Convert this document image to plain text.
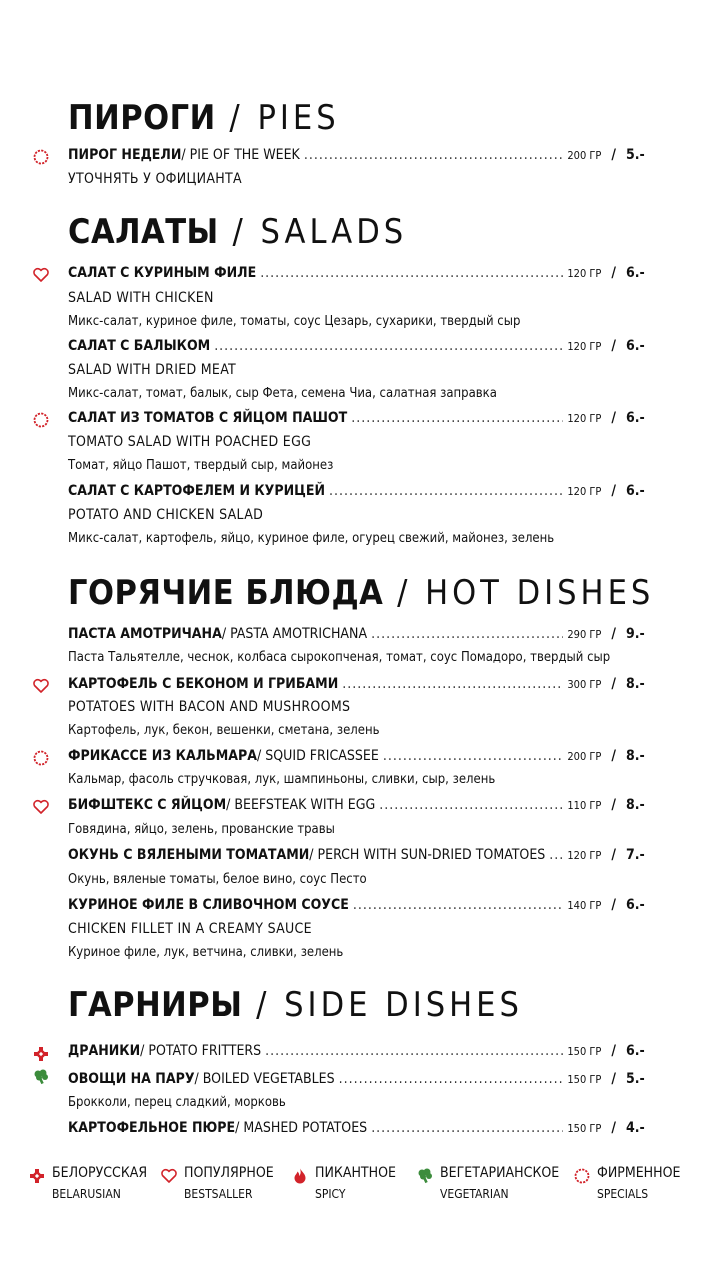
ПИРОГИ / PIES
ПИРОГ НЕДЕЛИ / PIE OF THE WEEK .....	200 ГР / 5.-
УТОЧНЯТЬ У ОФИЦИАНТА
САЛАТЫ / SALADS
САЛАТ С КУРИНЫМ ФИЛЕ .....	120 ГР / 6.-
SALAD WITH CHICKEN
Микс-салат, куриное филе, томаты, соус Цезарь, сухарики, твердый сыр
САЛАТ С БАЛЫКОМ .....	120 ГР / 6.-
SALAD WITH DRIED MEAT
Микс-салат, томат, балык, сыр Фета, семена Чиа, салатная заправка
САЛАТ ИЗ ТОМАТОВ С ЯЙЦОМ ПАШОТ .....	120 ГР / 6.-
TOMATO SALAD WITH POACHED EGG
Томат, яйцо Пашот, твердый сыр, майонез
САЛАТ С КАРТОФЕЛЕМ И КУРИЦЕЙ .....	120 ГР / 6.-
POTATO AND CHICKEN SALAD
Микс-салат, картофель, яйцо, куриное филе, огурец свежий, майонез, зелень
ГОРЯЧИЕ БЛЮДА / HOT DISHES
ПАСТА АМОТРИЧАНА / PASTA AMOTRICHANA .....	290 ГР / 9.-
Паста Тальятелле, чеснок, колбаса сырокопченая, томат, соус Помадоро, твердый сыр
КАРТОФЕЛЬ С БЕКОНОМ И ГРИБАМИ .....	300 ГР / 8.-
POTATOES WITH BACON AND MUSHROOMS
Картофель, лук, бекон, вешенки, сметана, зелень
ФРИКАССЕ ИЗ КАЛЬМАРА / SQUID FRICASSEE .....	200 ГР / 8.-
Кальмар, фасоль стручковая, лук, шампиньоны, сливки, сыр, зелень
БИФШТЕКС С ЯЙЦОМ / BEEFSTEAK WITH EGG .....	110 ГР / 8.-
Говядина, яйцо, зелень, прованские травы
ОКУНЬ С ВЯЛЕНЫМИ ТОМАТАМИ / PERCH WITH SUN-DRIED TOMATOES ..... 120 ГР / 7.-
Окунь, вяленые томаты, белое вино, соус Песто
КУРИНОЕ ФИЛЕ В СЛИВОЧНОМ СОУСЕ .....	140 ГР / 6.-
CHICKEN FILLET IN A CREAMY SAUCE
Куриное филе, лук, ветчина, сливки, зелень
ГАРНИРЫ / SIDE DISHES
ДРАНИКИ / POTATO FRITTERS .....	150 ГР / 6.-
ОВОЩИ НА ПАРУ / BOILED VEGETABLES .....	150 ГР / 5.-
Брокколи, перец сладкий, морковь
КАРТОФЕЛЬНОЕ ПЮРЕ / MASHED POTATOES .....	150 ГР / 4.-
БЕЛОРУССКАЯ
BELARUSIAN
ПОПУЛЯРНОЕ
BESTSALLER
ПИКАНТНОЕ
SPICY
ВЕГЕТАРИАНСКОЕ
VEGETARIAN
ФИРМЕННОЕ
SPECIALS
